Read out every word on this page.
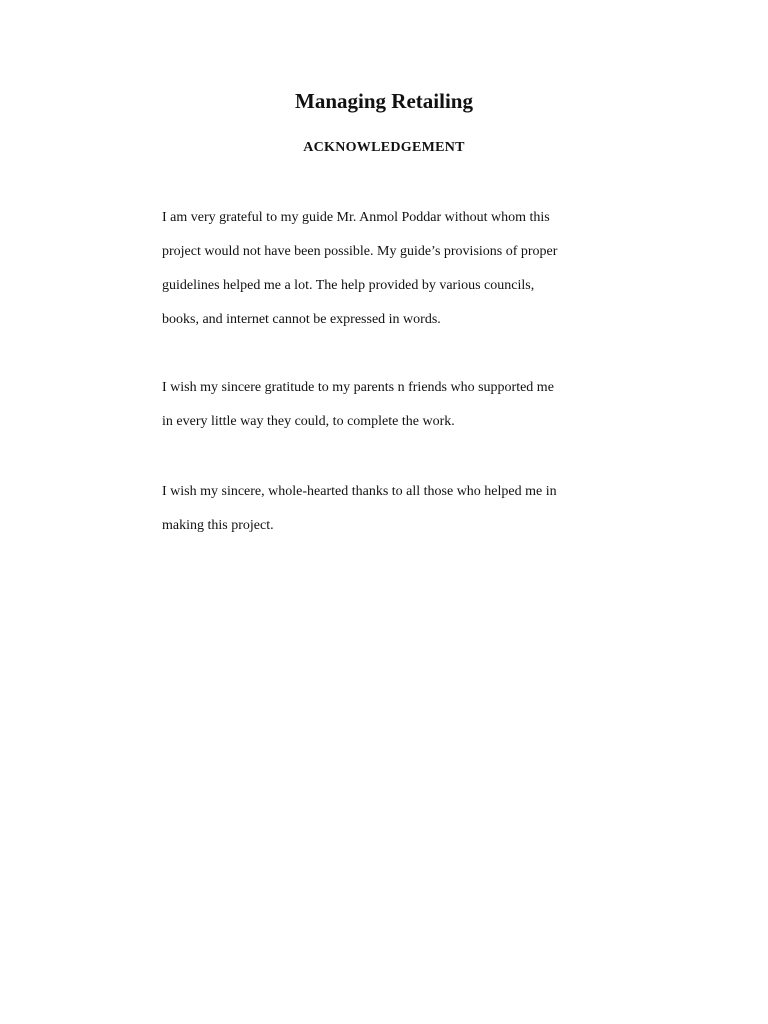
Managing Retailing
ACKNOWLEDGEMENT

I am very grateful to my guide Mr. Anmol Poddar without whom this
project would not have been possible. My guide’s provisions of proper
guidelines helped me a lot. The help provided by various councils,
books, and internet cannot be expressed in words.

I wish my sincere gratitude to my parents n friends who supported me
in every little way they could, to complete the work.

I wish my sincere, whole-hearted thanks to all those who helped me in
making this project.
